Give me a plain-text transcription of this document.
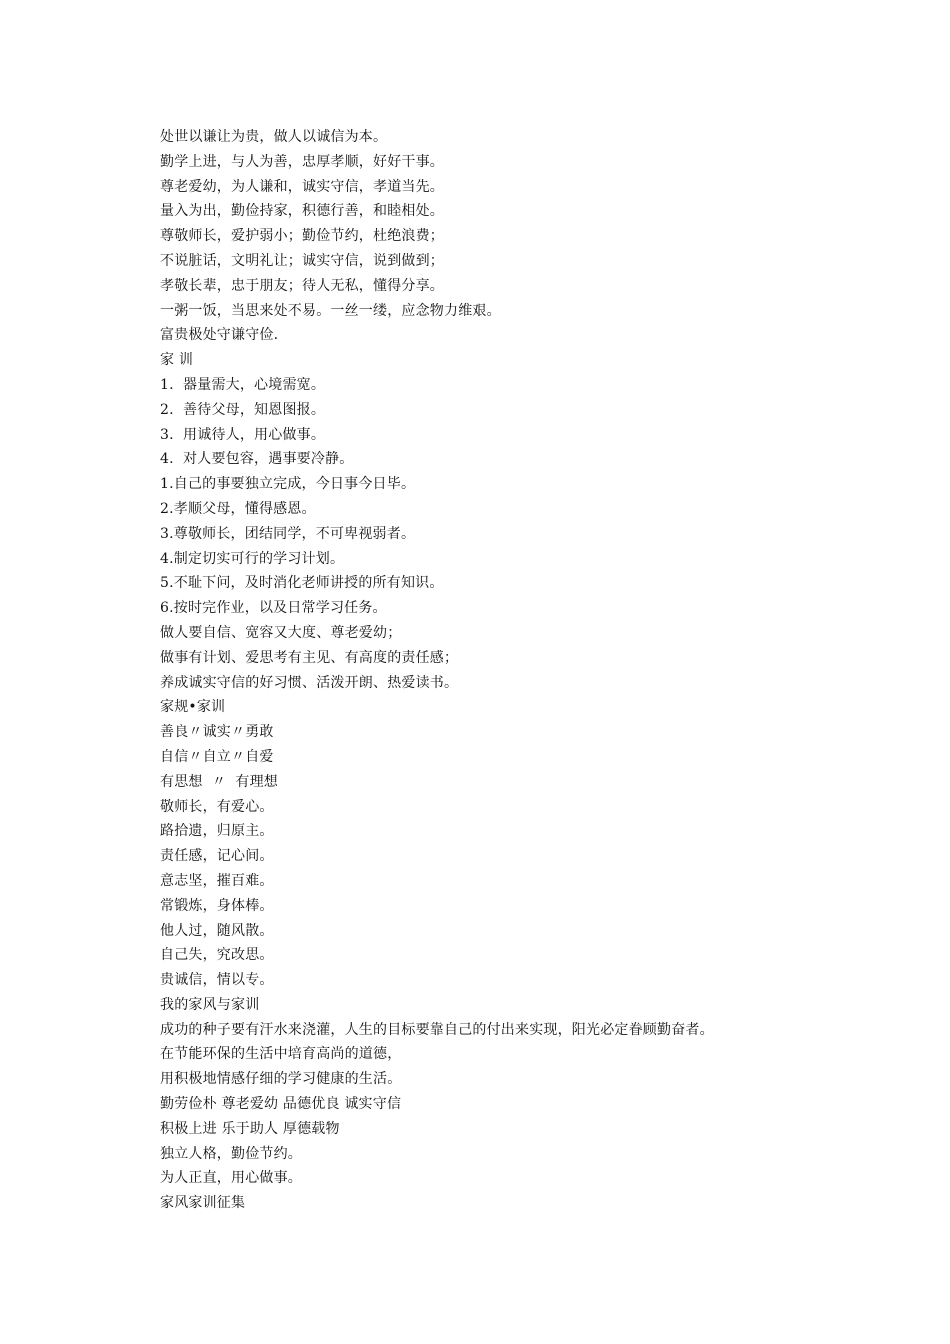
处世以谦让为贵，做人以诚信为本。
勤学上进，与人为善，忠厚孝顺，好好干事。
尊老爱幼，为人谦和，诚实守信，孝道当先。
量入为出，勤俭持家，积德行善，和睦相处。
尊敬师长，爱护弱小；勤俭节约，杜绝浪费；
不说脏话，文明礼让；诚实守信，说到做到；
孝敬长辈，忠于朋友；待人无私，懂得分享。
一粥一饭，当思来处不易。一丝一缕，应念物力维艰。
富贵极处守谦守俭.
家 训
1.  器量需大，心境需宽。
2.  善待父母，知恩图报。
3.  用诚待人，用心做事。
4.  对人要包容，遇事要冷静。
1.自己的事要独立完成，今日事今日毕。
2.孝顺父母，懂得感恩。
3.尊敬师长，团结同学，不可卑视弱者。
4.制定切实可行的学习计划。
5.不耻下问，及时消化老师讲授的所有知识。
6.按时完作业，以及日常学习任务。
做人要自信、宽容又大度、尊老爱幼；
做事有计划、爱思考有主见、有高度的责任感；
养成诚实守信的好习惯、活泼开朗、热爱读书。
家规•家训
善良〃诚实〃勇敢
自信〃自立〃自爱
有思想  〃  有理想
敬师长，有爱心。
路拾遗，归原主。
责任感，记心间。
意志坚，摧百难。
常锻炼，身体棒。
他人过，随风散。
自己失，究改思。
贵诚信，情以专。
我的家风与家训
成功的种子要有汗水来浇灌，人生的目标要靠自己的付出来实现，阳光必定眷顾勤奋者。
在节能环保的生活中培育高尚的道德，
用积极地情感仔细的学习健康的生活。
勤劳俭朴 尊老爱幼 品德优良 诚实守信
积极上进 乐于助人 厚德载物
独立人格，勤俭节约。
为人正直，用心做事。
家风家训征集
